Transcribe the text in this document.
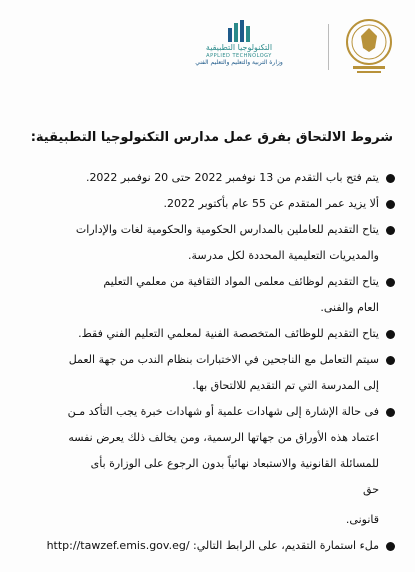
التكنولوجيا التطبيقية
APPLIED TECHNOLOGY
وزارة التربية والتعليم والتعليم الفني
شروط الالتحاق بفرق عمل مدارس التكنولوجيا التطبيقية:
يتم فتح باب التقدم من 13 نوفمبر 2022 حتى 20 نوفمبر 2022.
ألا يزيد عمر المتقدم عن 55 عام بأكتوبر 2022.
يتاح التقديم للعاملين بالمدارس الحكومية والحكومية لغات والإدارات
والمديريات التعليمية المحددة لكل مدرسة.
يتاح التقديم لوظائف معلمى المواد الثقافية من معلمي التعليم
العام والفنى.
يتاح التقديم للوظائف المتخصصة الفنية لمعلمي التعليم الفني فقط.
سيتم التعامل مع الناجحين في الاختبارات بنظام الندب من جهة العمل
إلى المدرسة التي تم التقديم للالتحاق بها.
فى حالة الإشارة إلى شهادات علمية أو شهادات خبرة يجب التأكد مـن
اعتماد هذه الأوراق من جهاتها الرسمية، ومن يخالف ذلك يعرض نفسه
للمسائلة القانونية والاستبعاد نهائياً بدون الرجوع على الوزارة بأى
حق
قانونى.
ملء استمارة التقديم، على الرابط التالي: http://tawzef.emis.gov.eg/
